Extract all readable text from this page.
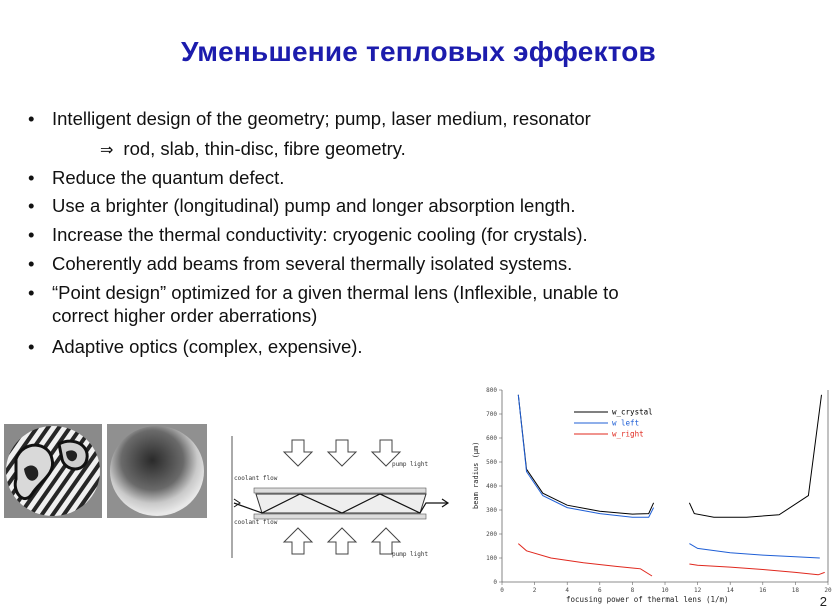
Уменьшение тепловых эффектов
• Intelligent design of the geometry; pump, laser medium, resonator
⇒ rod, slab, thin-disc, fibre geometry.
• Reduce the quantum defect.
• Use a brighter (longitudinal) pump and longer absorption length.
• Increase the thermal conductivity: cryogenic cooling (for crystals).
• Coherently add beams from several thermally isolated systems.
• “Point design” optimized for a given thermal lens (Inflexible, unable to
correct higher order aberrations)
• Adaptive optics (complex, expensive).
pump light
pump light
coolant flow
coolant flow
800
700
600
500
400
300
200
100
0
0	2	4	6	8	10	12	14	16	18	20
w_crystal
w left
w_right
beam radius (µm)
focusing power of thermal lens (1/m)	2
